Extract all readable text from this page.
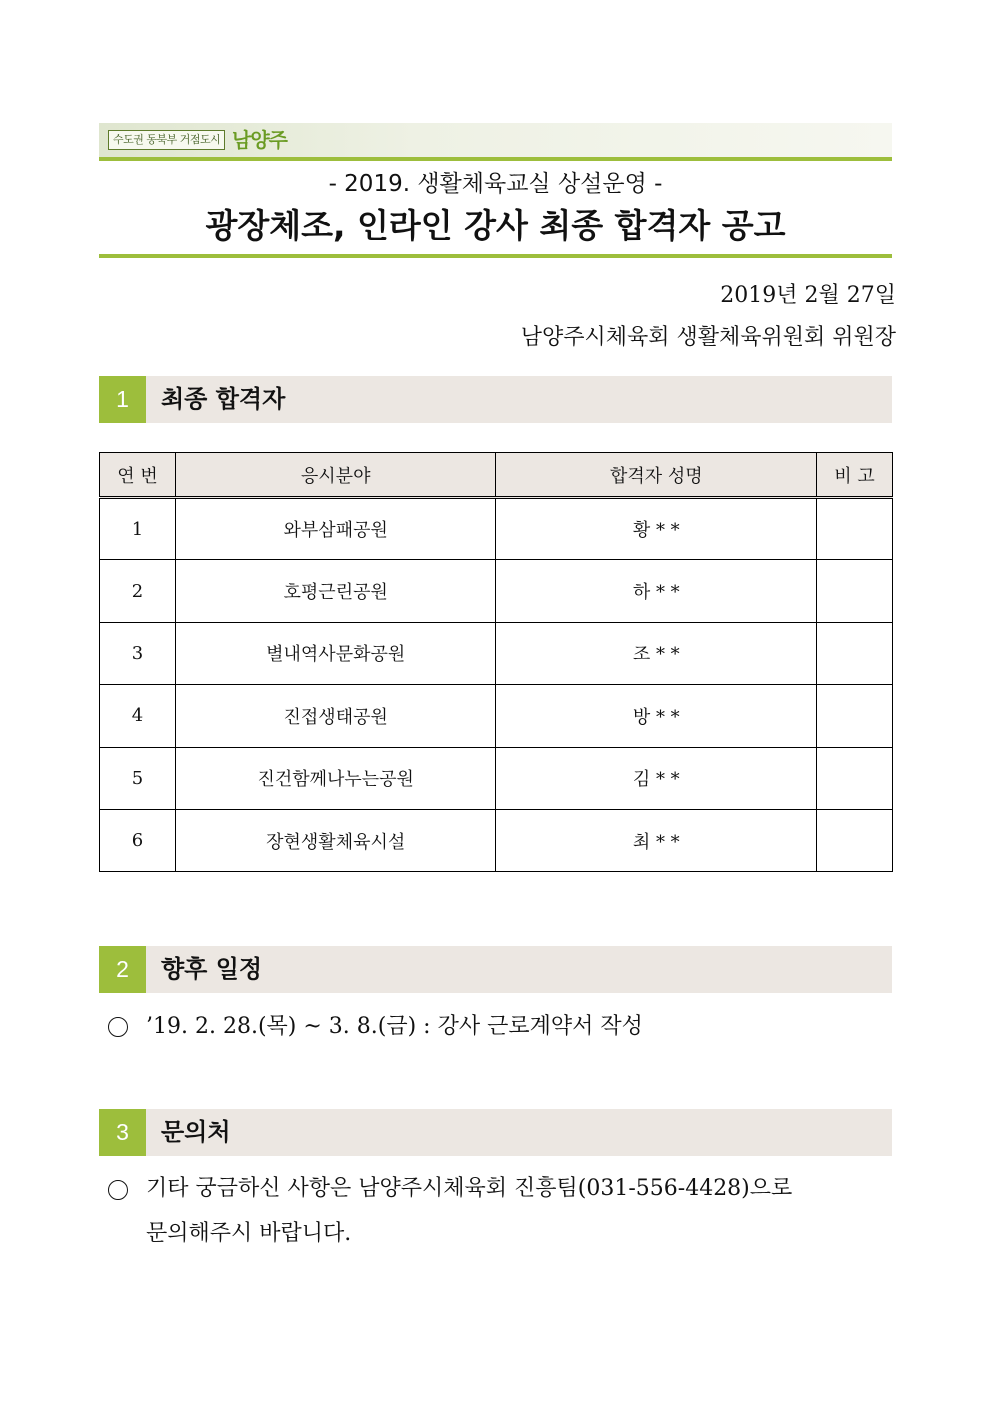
수도권 동북부 거점도시 남양주
- 2019. 생활체육교실 상설운영 -
광장체조, 인라인 강사 최종 합격자 공고
2019년 2월 27일
남양주시체육회 생활체육위원회 위원장
1	최종 합격자
연 번	응시분야	합격자 성명	비 고
1	와부삼패공원	황 * *	
2	호평근린공원	하 * *	
3	별내역사문화공원	조 * *	
4	진접생태공원	방 * *	
5	진건함께나누는공원	김 * *	
6	장현생활체육시설	최 * *	
2	향후 일정
’19. 2. 28.(목) ~ 3. 8.(금) : 강사 근로계약서 작성
3	문의처
기타 궁금하신 사항은 남양주시체육회 진흥팀(031-556-4428)으로
문의해주시 바랍니다.
